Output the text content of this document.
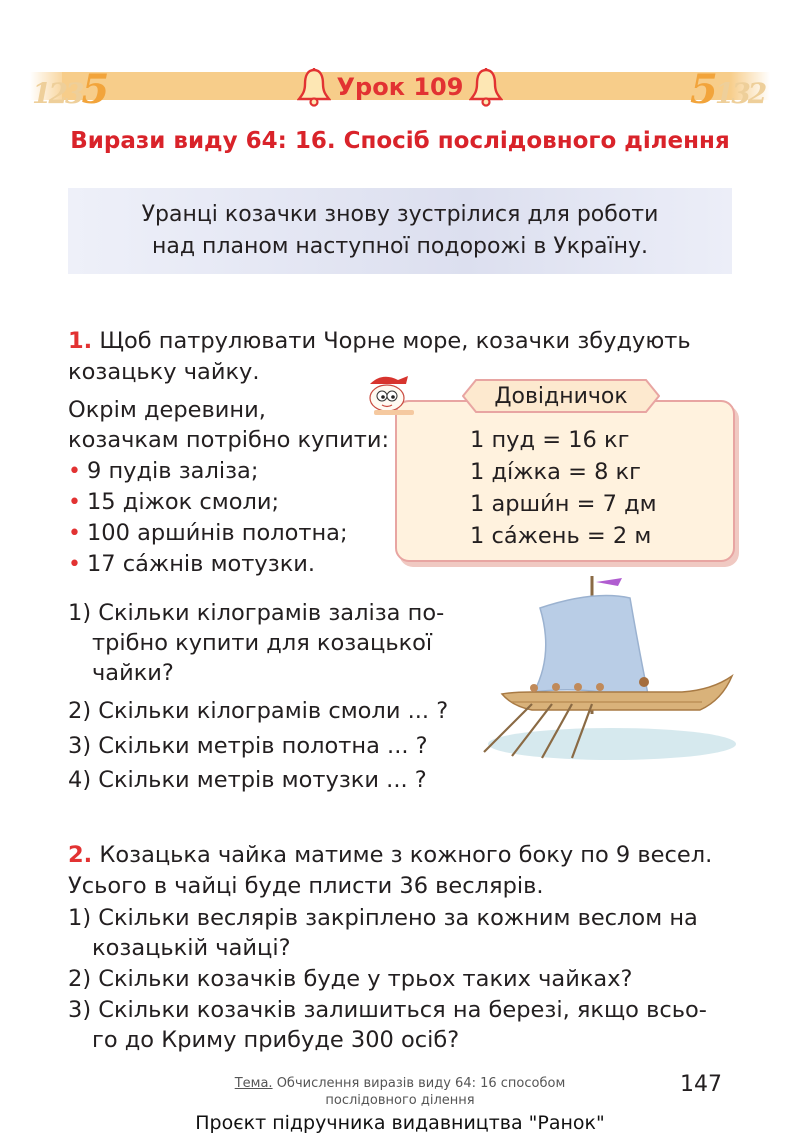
1235	5132
Урок 109
Вирази виду 64: 16. Спосіб послідовного ділення
Уранці козачки знову зустрілися для роботи
над планом наступної подорожі в Україну.
1. Щоб патрулювати Чорне море, козачки збудують
козацьку чайку.
Окрім деревини,
козачкам потрібно купити:
• 9 пудів заліза;
• 15 діжок смоли;
• 100 арши́нів полотна;
• 17 са́жнів мотузки.
Довідничок
1 пуд = 16 кг
1 ді́жка = 8 кг
1 арши́н = 7 дм
1 са́жень = 2 м
1) Скільки кілограмів заліза по-
трібно купити для козацької
чайки?
2) Скільки кілограмів смоли ... ?
3) Скільки метрів полотна ... ?
4) Скільки метрів мотузки ... ?
2. Козацька чайка матиме з кожного боку по 9 весел.
Усього в чайці буде плисти 36 веслярів.
1) Скільки веслярів закріплено за кожним веслом на
козацькій чайці?
2) Скільки козачків буде у трьох таких чайках?
3) Скільки козачків залишиться на березі, якщо всьо-
го до Криму прибуде 300 осіб?
Тема. Обчислення виразів виду 64: 16 способом
послідовного ділення
147
Проєкт підручника видавництва "Ранок"
